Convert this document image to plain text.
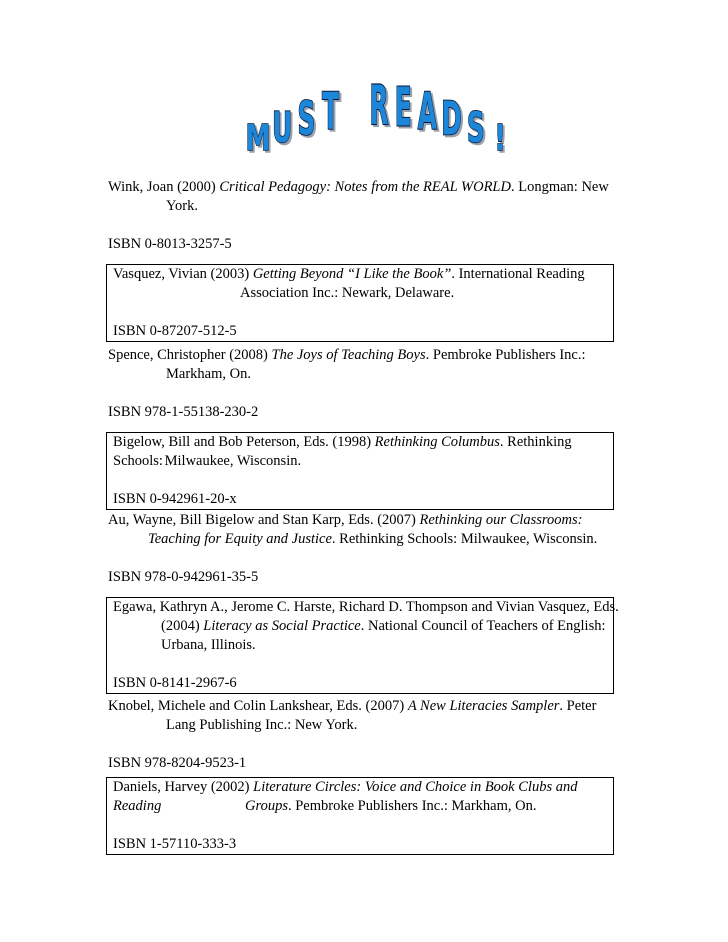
M U S T R E A D S !
Wink, Joan (2000) Critical Pedagogy: Notes from the REAL WORLD. Longman: New
York.
ISBN 0-8013-3257-5
Vasquez, Vivian (2003) Getting Beyond “I Like the Book”. International Reading
Association Inc.: Newark, Delaware.
ISBN 0-87207-512-5
Spence, Christopher (2008) The Joys of Teaching Boys. Pembroke Publishers Inc.:
Markham, On.
ISBN 978-1-55138-230-2
Bigelow, Bill and Bob Peterson, Eds. (1998) Rethinking Columbus. Rethinking
Schools: Milwaukee, Wisconsin.
ISBN 0-942961-20-x
Au, Wayne, Bill Bigelow and Stan Karp, Eds. (2007) Rethinking our Classrooms:
Teaching for Equity and Justice. Rethinking Schools: Milwaukee, Wisconsin.
ISBN 978-0-942961-35-5
Egawa, Kathryn A., Jerome C. Harste, Richard D. Thompson and Vivian Vasquez, Eds.
(2004) Literacy as Social Practice. National Council of Teachers of English:
Urbana, Illinois.
ISBN 0-8141-2967-6
Knobel, Michele and Colin Lankshear, Eds. (2007) A New Literacies Sampler. Peter
Lang Publishing Inc.: New York.
ISBN 978-8204-9523-1
Daniels, Harvey (2002) Literature Circles: Voice and Choice in Book Clubs and
Reading	Groups. Pembroke Publishers Inc.: Markham, On.
ISBN 1-57110-333-3
